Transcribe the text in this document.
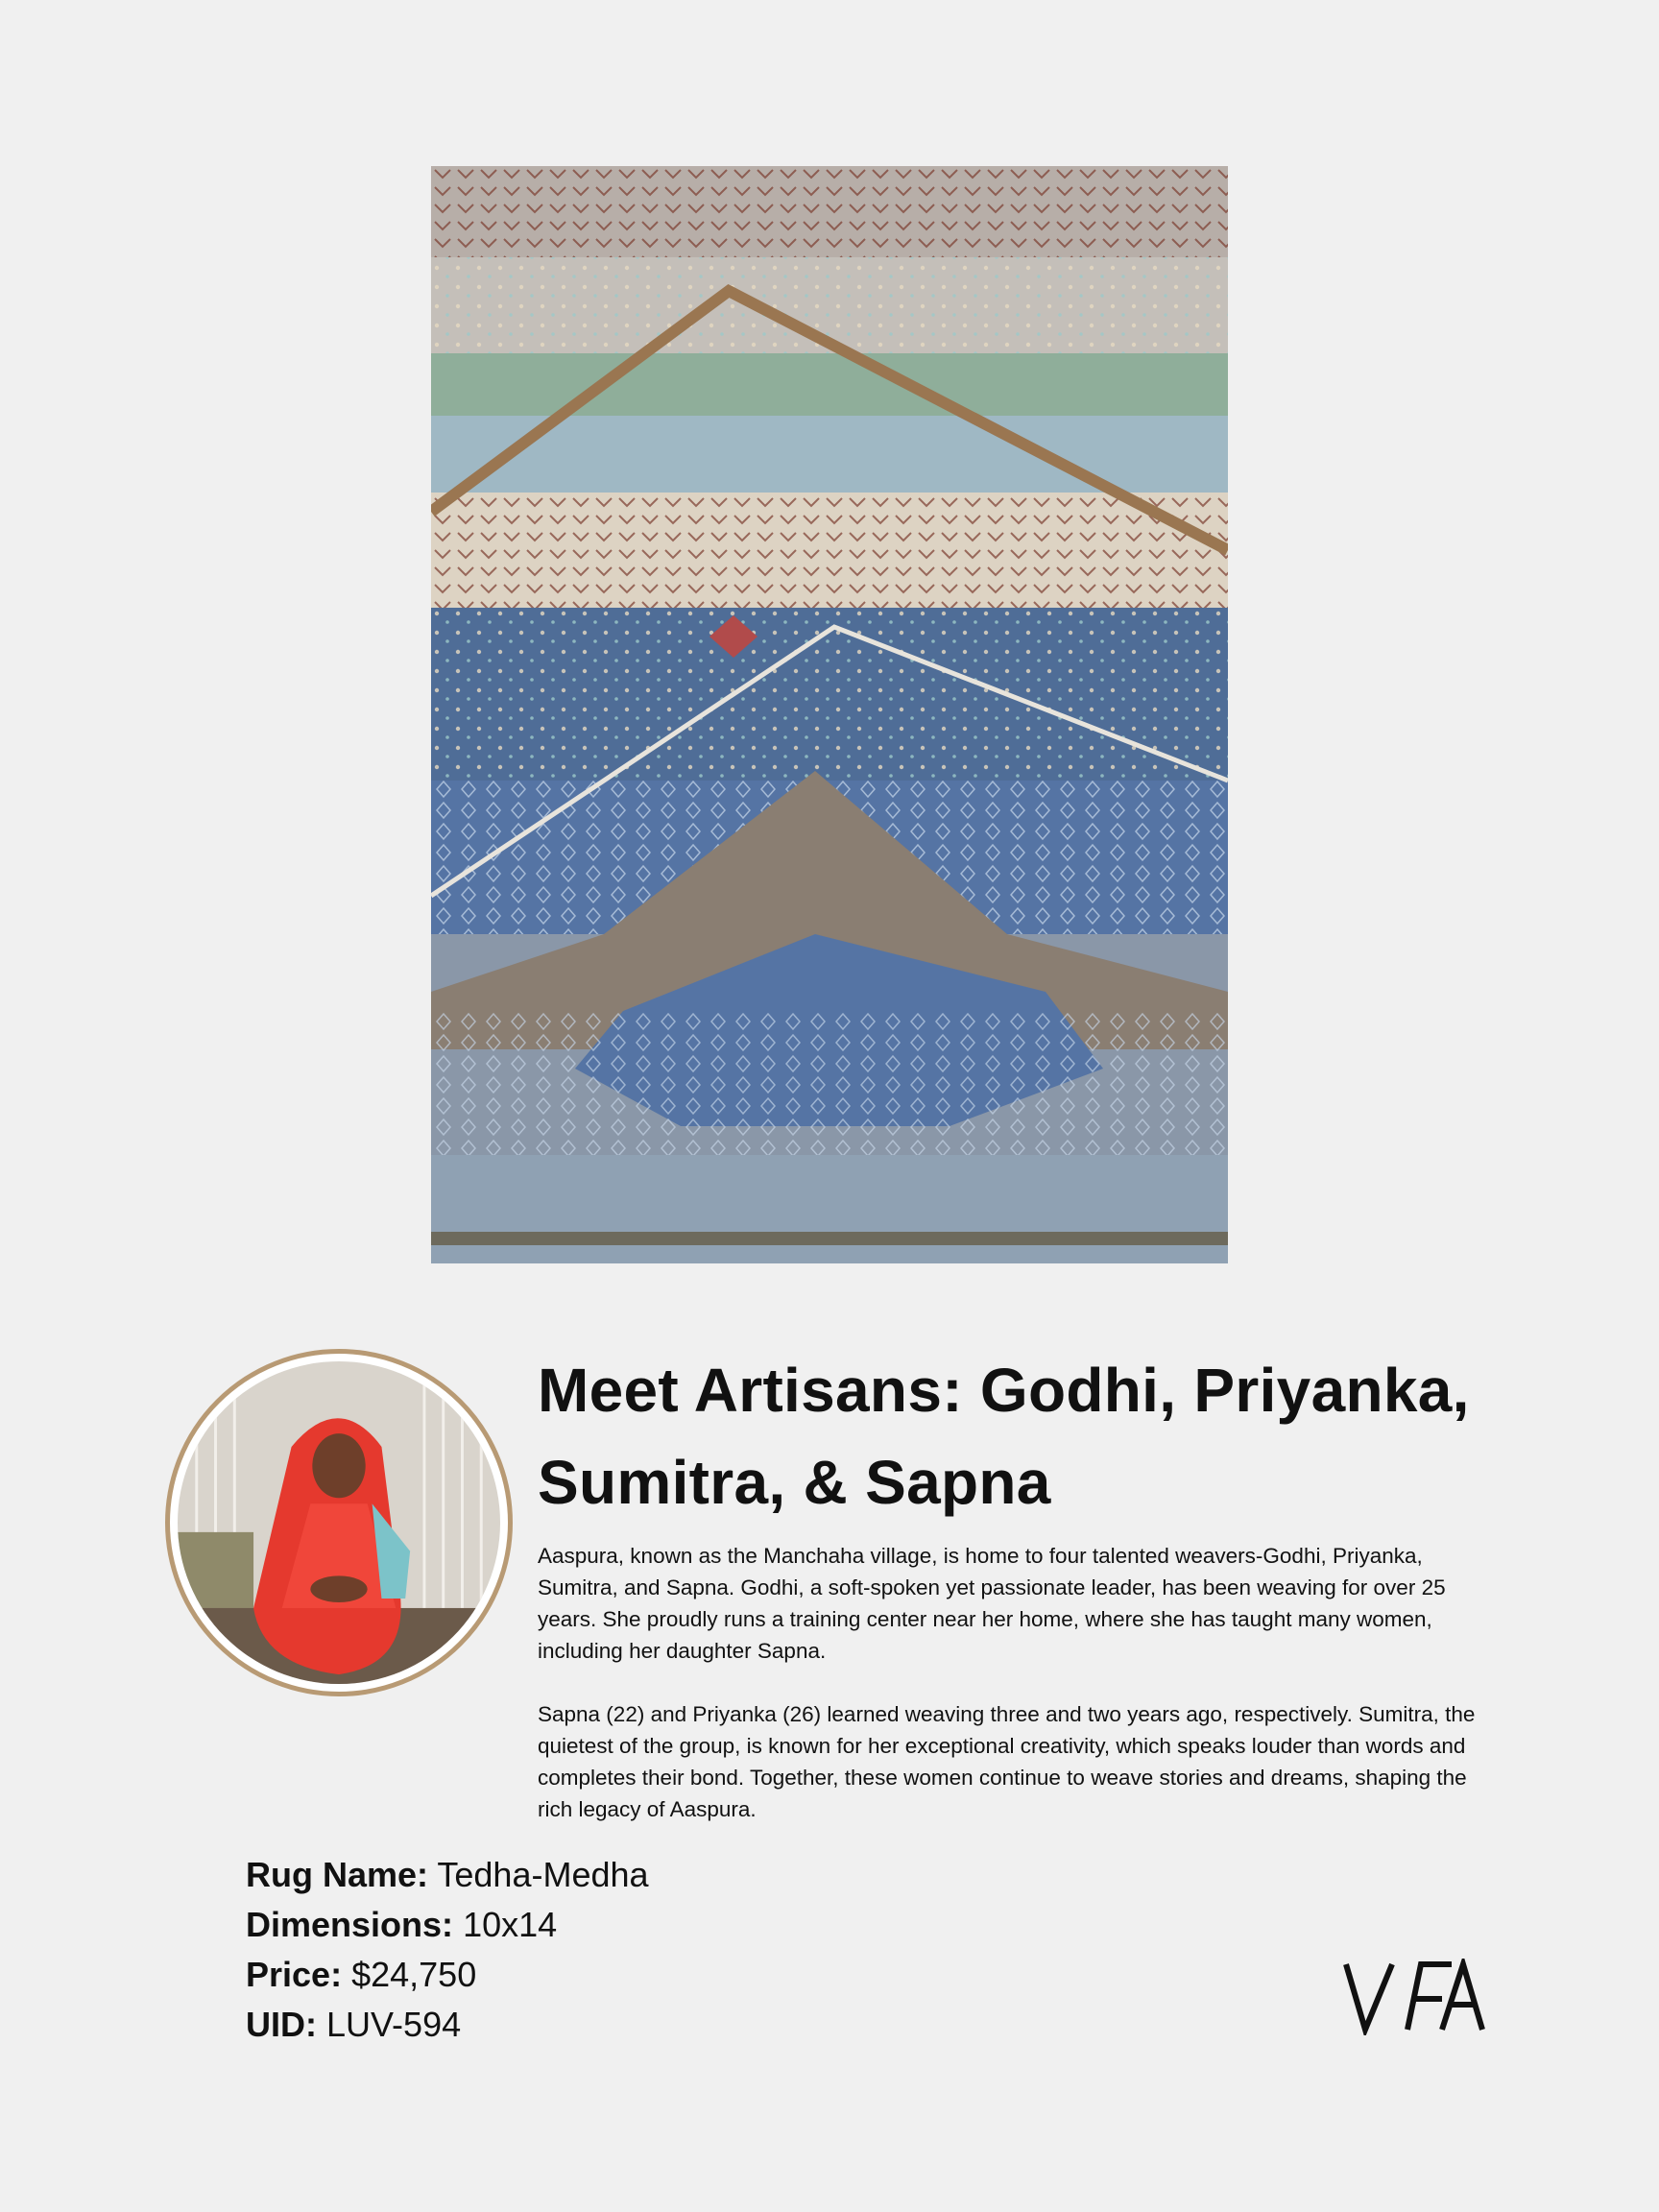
Meet Artisans: Godhi, Priyanka, Sumitra, & Sapna

Aaspura, known as the Manchaha village, is home to four talented weavers-Godhi, Priyanka, Sumitra, and Sapna. Godhi, a soft-spoken yet passionate leader, has been weaving for over 25 years. She proudly runs a training center near her home, where she has taught many women, including her daughter Sapna.

Sapna (22) and Priyanka (26) learned weaving three and two years ago, respectively. Sumitra, the quietest of the group, is known for her exceptional creativity, which speaks louder than words and completes their bond. Together, these women continue to weave stories and dreams, shaping the rich legacy of Aaspura.

Rug Name: Tedha-Medha
Dimensions: 10x14
Price: $24,750
UID: LUV-594
